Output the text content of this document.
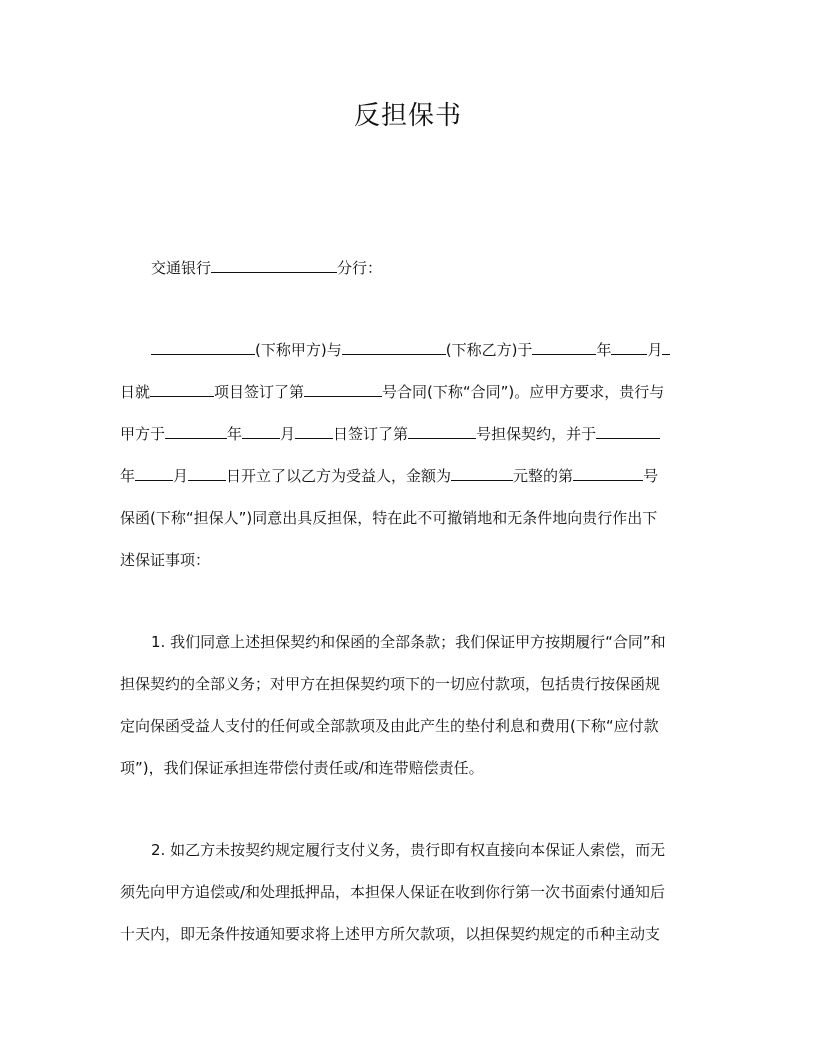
反担保书
交通银行	分行：
(下称甲方)与	(下称乙方)于	年 月
日就	项目签订了第	号合同(下称“合同”)。应甲方要求，贵行与
甲方于	年	月	日签订了第	号担保契约，并于
年	月	日开立了以乙方为受益人，金额为	元整的第	号
保函(下称“担保人”)同意出具反担保，特在此不可撤销地和无条件地向贵行作出下
述保证事项：
1. 我们同意上述担保契约和保函的全部条款；我们保证甲方按期履行“合同”和
担保契约的全部义务；对甲方在担保契约项下的一切应付款项，包括贵行按保函规
定向保函受益人支付的任何或全部款项及由此产生的垫付利息和费用(下称“应付款
项”)，我们保证承担连带偿付责任或/和连带赔偿责任。
2. 如乙方未按契约规定履行支付义务，贵行即有权直接向本保证人索偿，而无
须先向甲方追偿或/和处理抵押品，本担保人保证在收到你行第一次书面索付通知后
十天内，即无条件按通知要求将上述甲方所欠款项，以担保契约规定的币种主动支
